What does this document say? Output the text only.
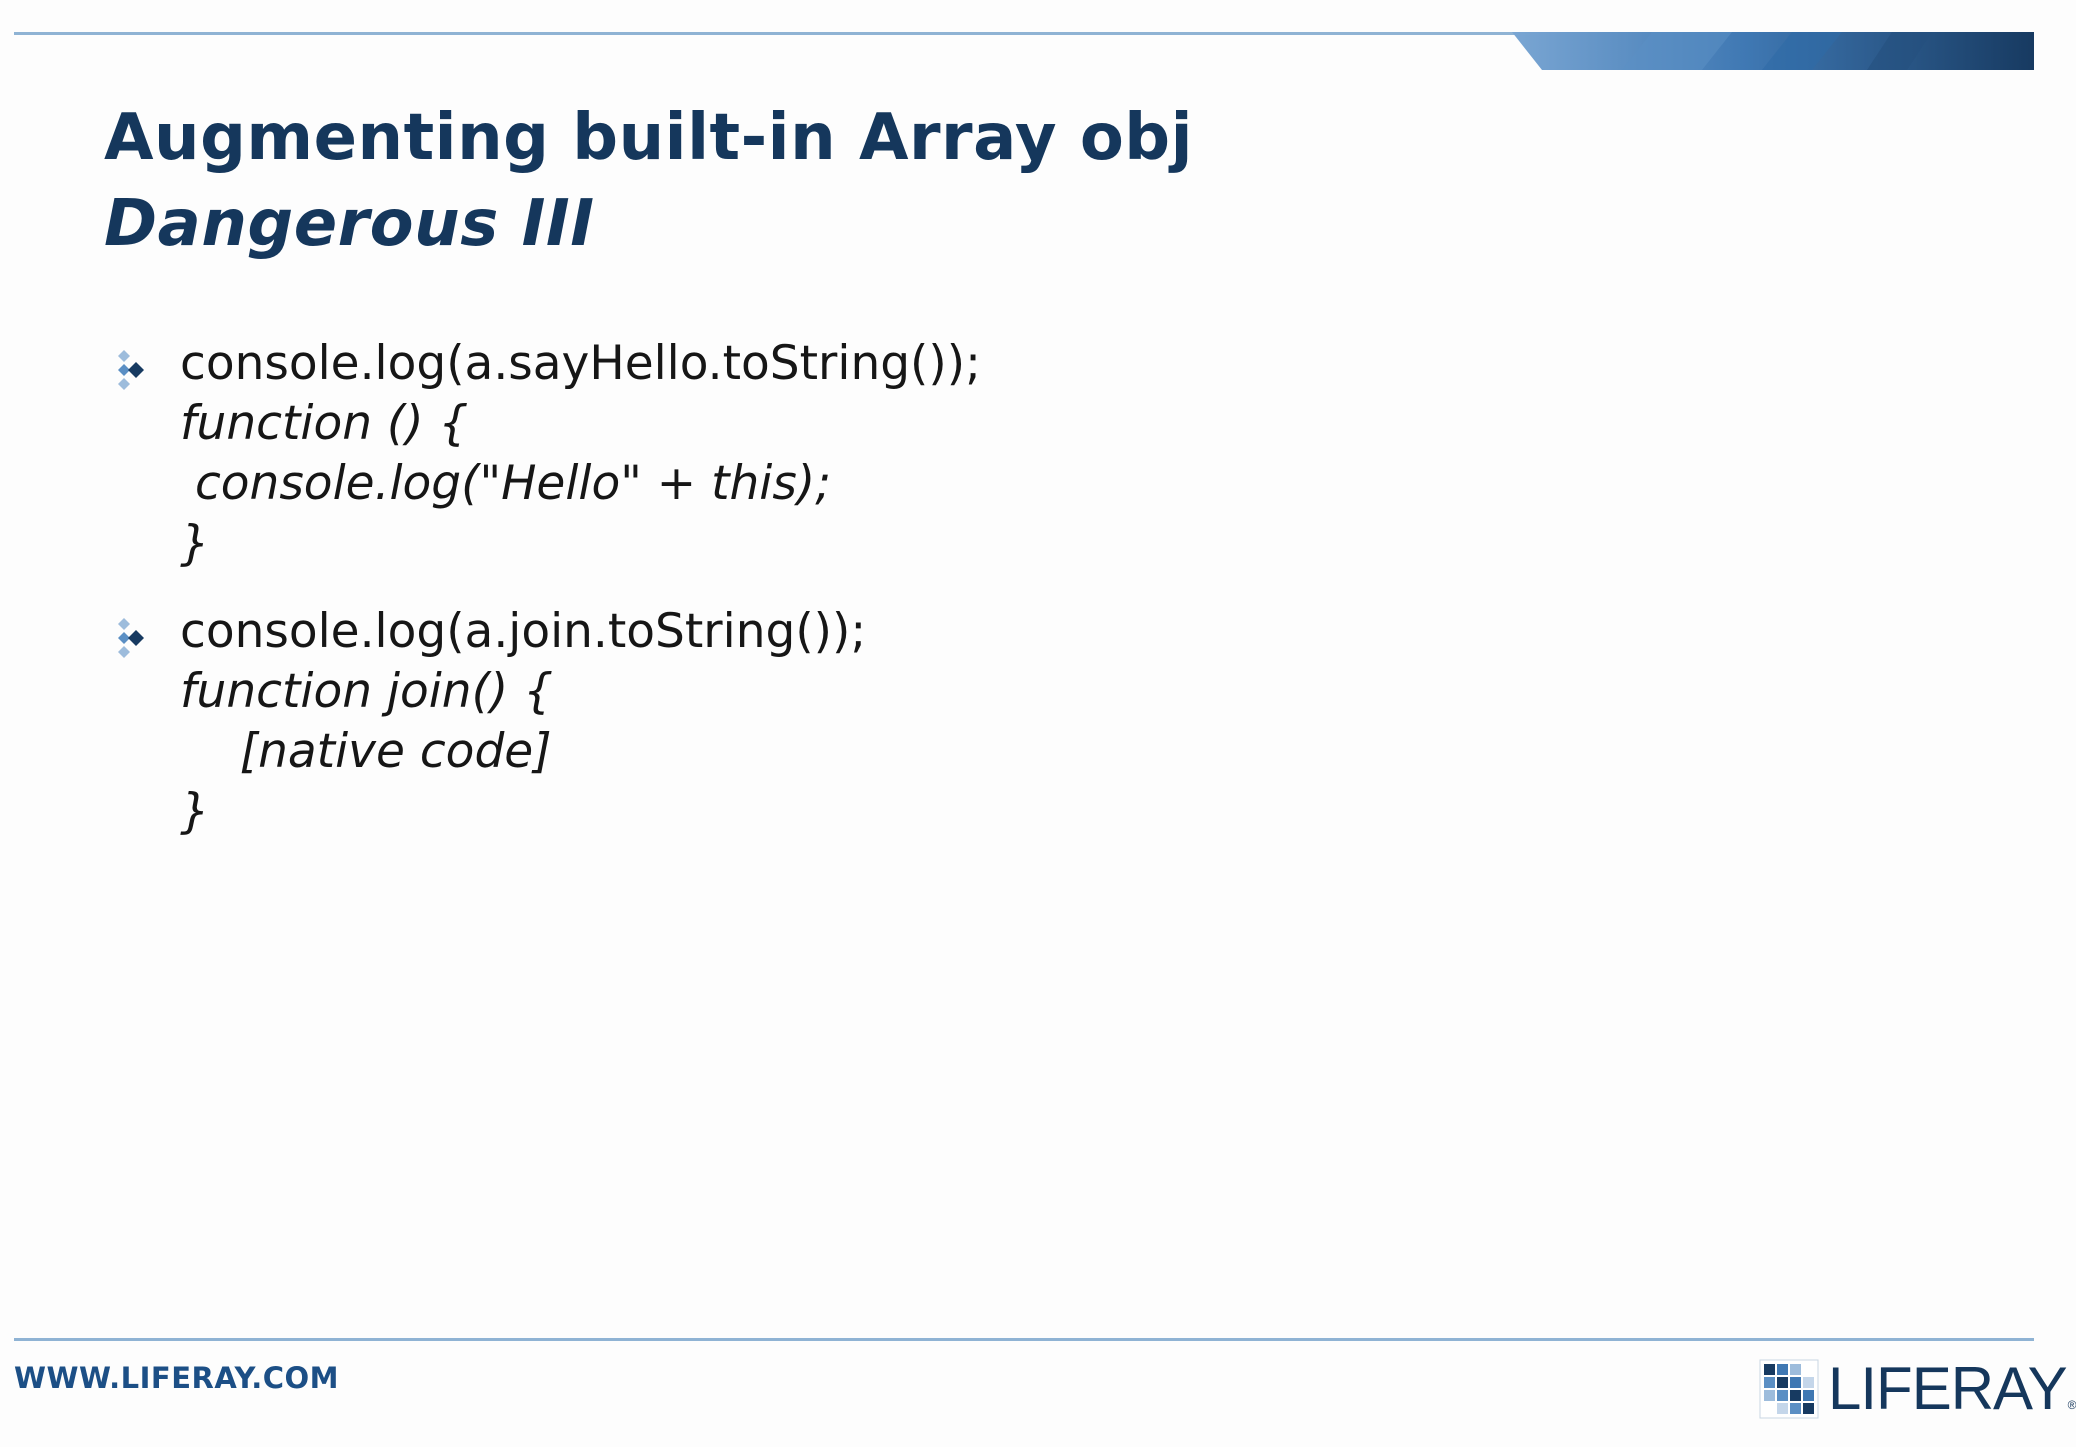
Augmenting built-in Array obj
Dangerous III
console.log(a.sayHello.toString());
function () {
console.log("Hello" + this);
}
console.log(a.join.toString());
function join() {
[native code]
}
WWW.LIFERAY.COM	LIFERAY ®
